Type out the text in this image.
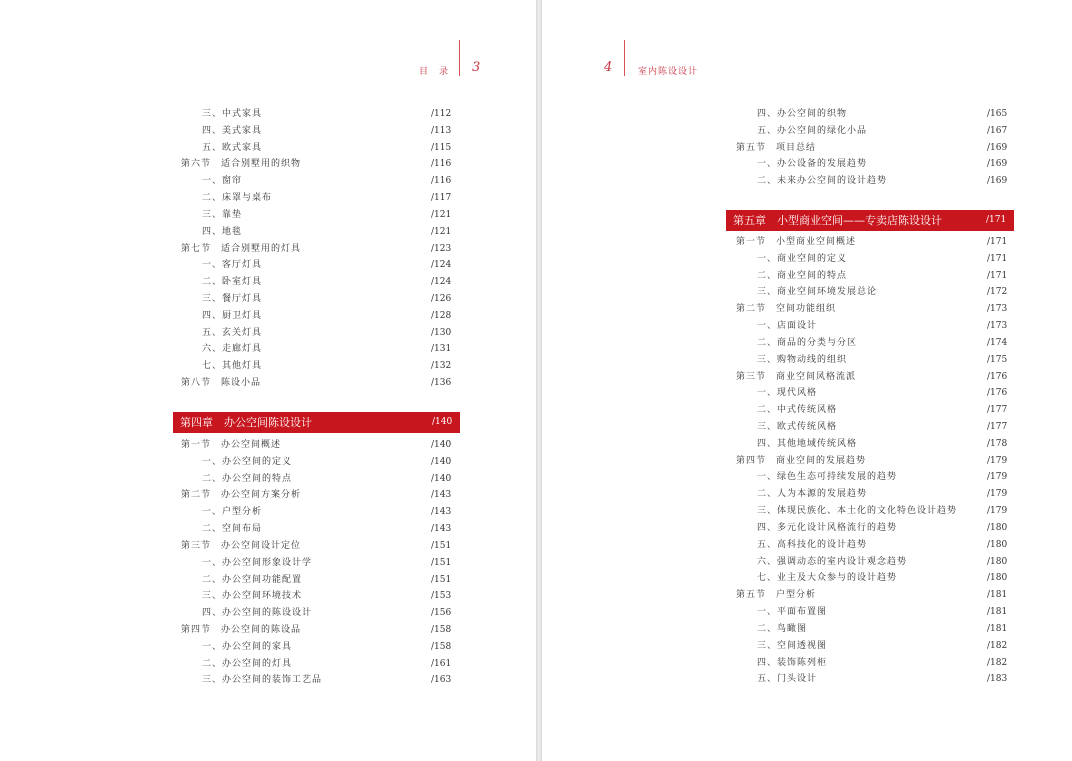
目　录 3
三、中式家具	/112
四、美式家具	/113
五、欧式家具	/115
第六节　适合别墅用的织物	/116
一、窗帘	/116
二、床罩与桌布	/117
三、靠垫	/121
四、地毯	/121
第七节　适合别墅用的灯具	/123
一、客厅灯具	/124
二、卧室灯具	/124
三、餐厅灯具	/126
四、厨卫灯具	/128
五、玄关灯具	/130
六、走廊灯具	/131
七、其他灯具	/132
第八节　陈设小品	/136
第四章　办公空间陈设设计	/140
第一节　办公空间概述	/140
一、办公空间的定义	/140
二、办公空间的特点	/140
第二节　办公空间方案分析	/143
一、户型分析	/143
二、空间布局	/143
第三节　办公空间设计定位	/151
一、办公空间形象设计学	/151
二、办公空间功能配置	/151
三、办公空间环境技术	/153
四、办公空间的陈设设计	/156
第四节　办公空间的陈设品	/158
一、办公空间的家具	/158
二、办公空间的灯具	/161
三、办公空间的装饰工艺品	/163
4	室内陈设设计
四、办公空间的织物	/165
五、办公空间的绿化小品	/167
第五节　项目总结	/169
一、办公设备的发展趋势	/169
二、未来办公空间的设计趋势	/169
第五章　小型商业空间——专卖店陈设设计	/171
第一节　小型商业空间概述	/171
一、商业空间的定义	/171
二、商业空间的特点	/171
三、商业空间环境发展总论	/172
第二节　空间功能组织	/173
一、店面设计	/173
二、商品的分类与分区	/174
三、购物动线的组织	/175
第三节　商业空间风格流派	/176
一、现代风格	/176
二、中式传统风格	/177
三、欧式传统风格	/177
四、其他地域传统风格	/178
第四节　商业空间的发展趋势	/179
一、绿色生态可持续发展的趋势	/179
二、人为本源的发展趋势	/179
三、体现民族化、本土化的文化特色设计趋势	/179
四、多元化设计风格流行的趋势	/180
五、高科技化的设计趋势	/180
六、强调动态的室内设计观念趋势	/180
七、业主及大众参与的设计趋势	/180
第五节　户型分析	/181
一、平面布置图	/181
二、鸟瞰图	/181
三、空间透视图	/182
四、装饰陈列柜	/182
五、门头设计	/183
